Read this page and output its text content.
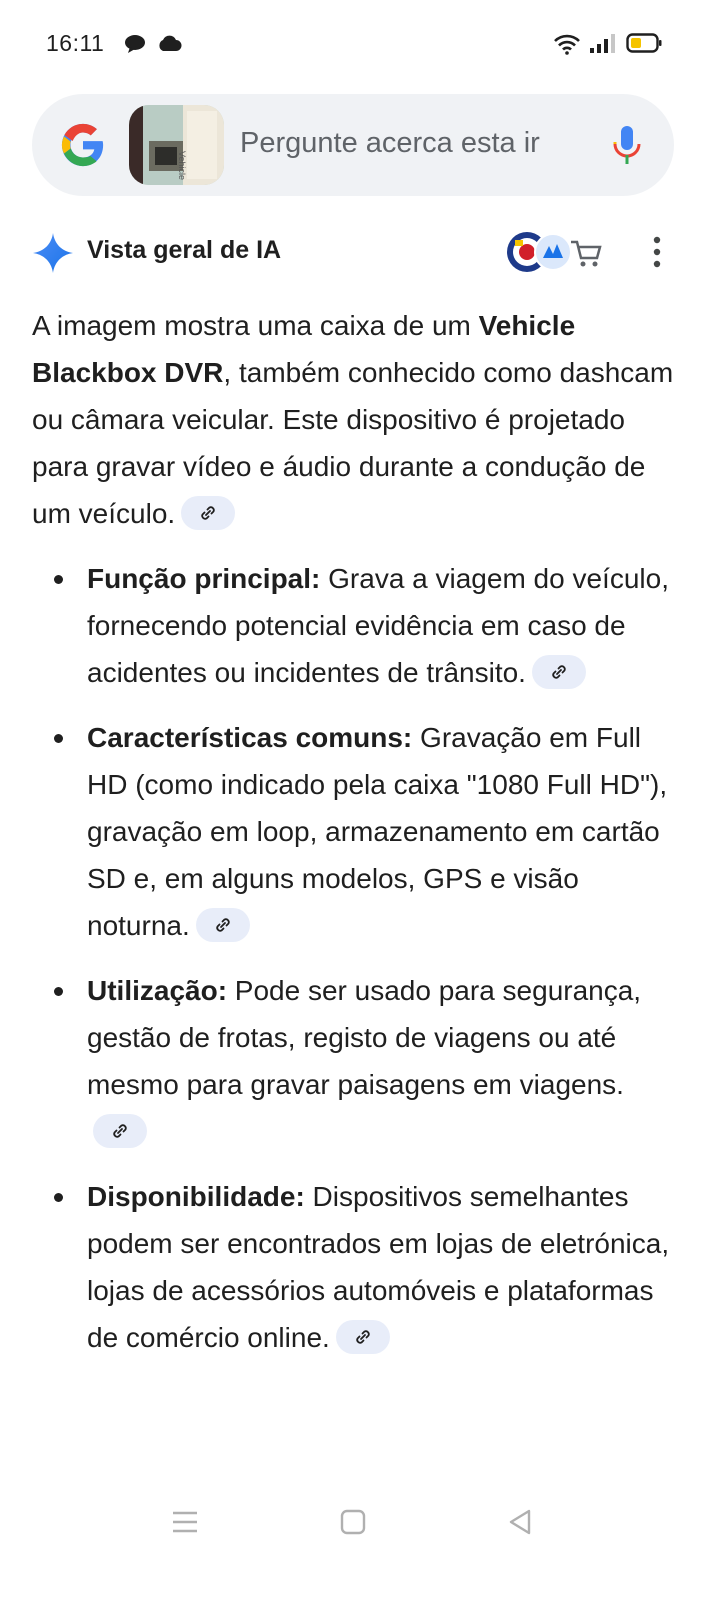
16:11
Vehicle
Pergunte acerca esta ir
Vista geral de IA

A imagem mostra uma caixa de um Vehicle Blackbox DVR, também conhecido como dashcam ou câmara veicular. Este dispositivo é projetado para gravar vídeo e áudio durante a condução de um veículo.

Função principal: Grava a viagem do veículo, fornecendo potencial evidência em caso de acidentes ou incidentes de trânsito.
Características comuns: Gravação em Full HD (como indicado pela caixa "1080 Full HD"), gravação em loop, armazenamento em cartão SD e, em alguns modelos, GPS e visão noturna.
Utilização: Pode ser usado para segurança, gestão de frotas, registo de viagens ou até mesmo para gravar paisagens em viagens.
Disponibilidade: Dispositivos semelhantes podem ser encontrados em lojas de eletrónica, lojas de acessórios automóveis e plataformas de comércio online.
